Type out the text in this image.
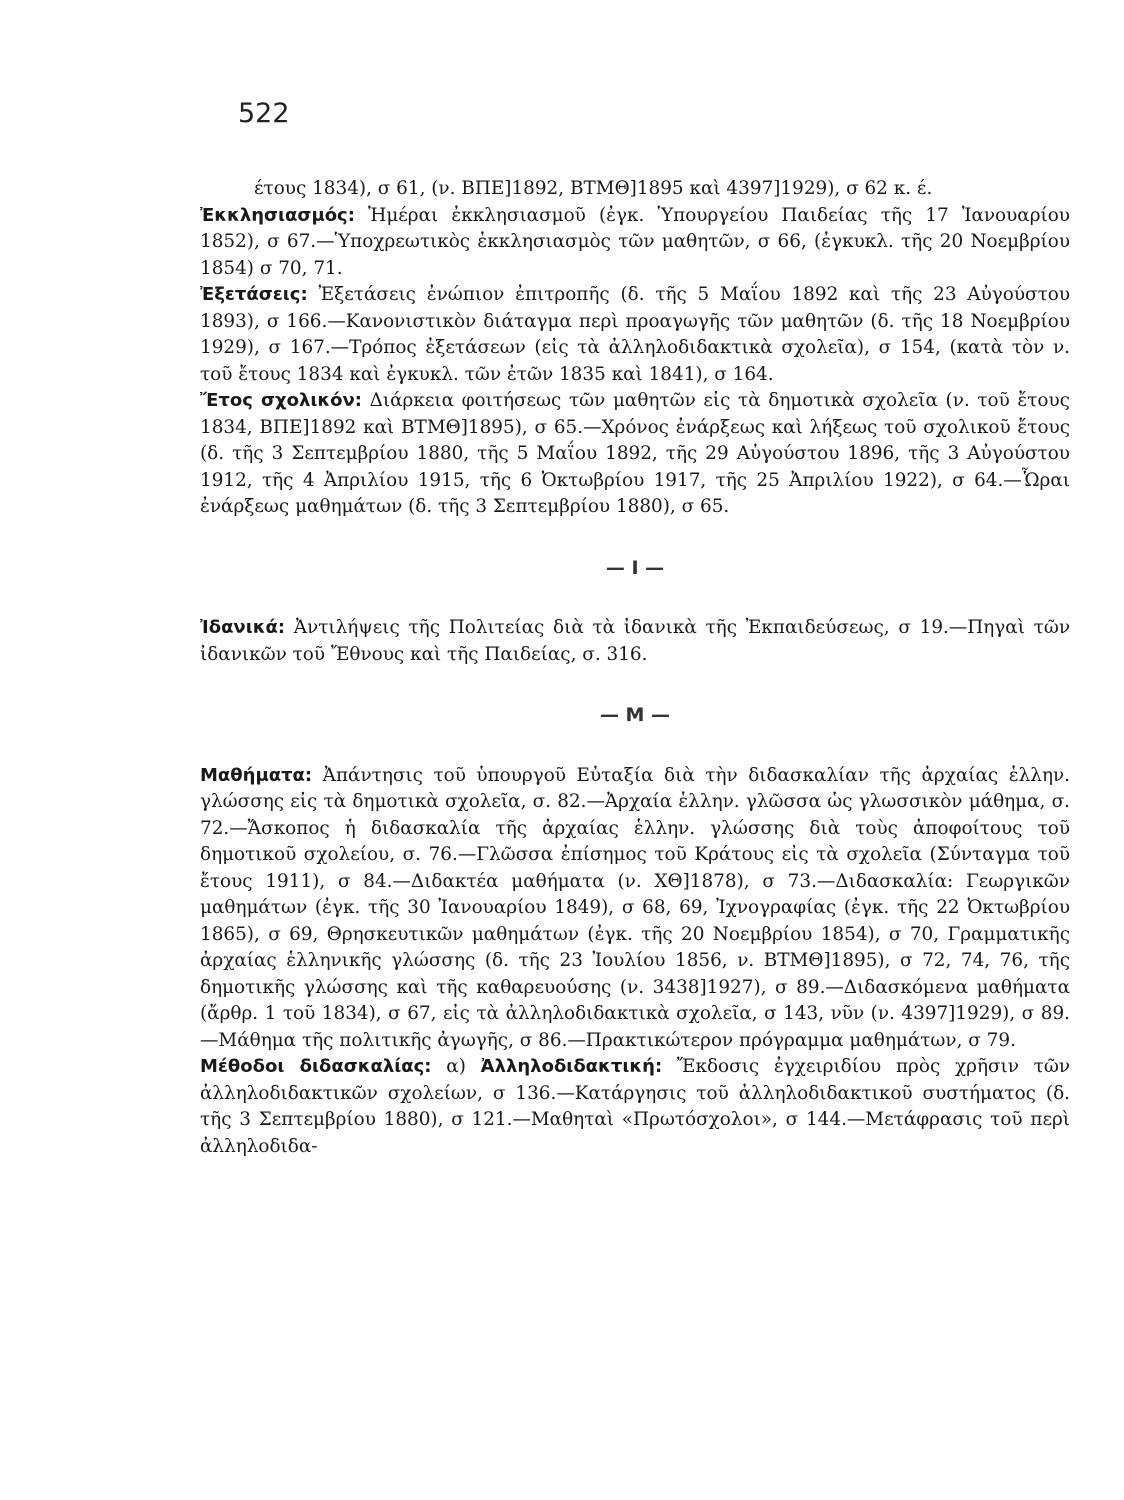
522

έτους 1834), σ 61, (ν. ΒΠΕ]1892, ΒΤΜΘ]1895 καὶ 4397]1929), σ 62 κ. έ.

Ἐκκλησιασμός: Ἡμέραι ἐκκλησιασμοῦ (ἐγκ. Ὑπουργείου Παιδείας τῆς 17 Ἰανουαρίου 1852), σ 67.—Ὑποχρεωτικὸς ἐκκλησιασμὸς τῶν μαθητῶν, σ 66, (ἐγκυκλ. τῆς 20 Νοεμβρίου 1854) σ 70, 71.

Ἐξετάσεις: Ἐξετάσεις ἐνώπιον ἐπιτροπῆς (δ. τῆς 5 Μαΐου 1892 καὶ τῆς 23 Αὐγούστου 1893), σ 166.—Κανονιστικὸν διάταγμα περὶ προαγωγῆς τῶν μαθητῶν (δ. τῆς 18 Νοεμβρίου 1929), σ 167.—Τρόπος ἐξετάσεων (εἰς τὰ ἀλληλοδιδακτικὰ σχολεῖα), σ 154, (κατὰ τὸν ν. τοῦ ἔτους 1834 καὶ ἐγκυκλ. τῶν ἐτῶν 1835 καὶ 1841), σ 164.

Ἔτος σχολικόν: Διάρκεια φοιτήσεως τῶν μαθητῶν εἰς τὰ δημοτικὰ σχολεῖα (ν. τοῦ ἔτους 1834, ΒΠΕ]1892 καὶ ΒΤΜΘ]1895), σ 65.—Χρόνος ἐνάρξεως καὶ λήξεως τοῦ σχολικοῦ ἔτους (δ. τῆς 3 Σεπτεμβρίου 1880, τῆς 5 Μαΐου 1892, τῆς 29 Αὐγούστου 1896, τῆς 3 Αὐγούστου 1912, τῆς 4 Ἀπριλίου 1915, τῆς 6 Ὀκτωβρίου 1917, τῆς 25 Ἀπριλίου 1922), σ 64.—Ὧραι ἐνάρξεως μαθημάτων (δ. τῆς 3 Σεπτεμβρίου 1880), σ 65.

— I —

Ἰδανικά: Ἀντιλήψεις τῆς Πολιτείας διὰ τὰ ἰδανικὰ τῆς Ἐκπαιδεύσεως, σ 19.—Πηγαὶ τῶν ἰδανικῶν τοῦ Ἔθνους καὶ τῆς Παιδείας, σ. 316.

— Μ —

Μαθήματα: Ἀπάντησις τοῦ ὑπουργοῦ Εὐταξία διὰ τὴν διδασκαλίαν τῆς ἀρχαίας ἑλλην. γλώσσης εἰς τὰ δημοτικὰ σχολεῖα, σ. 82.—Ἀρχαία ἑλλην. γλῶσσα ὡς γλωσσικὸν μάθημα, σ. 72.—Ἄσκοπος ἡ διδασκαλία τῆς ἀρχαίας ἑλλην. γλώσσης διὰ τοὺς ἀποφοίτους τοῦ δημοτικοῦ σχολείου, σ. 76.—Γλῶσσα ἐπίσημος τοῦ Κράτους εἰς τὰ σχολεῖα (Σύνταγμα τοῦ ἔτους 1911), σ 84.—Διδακτέα μαθήματα (ν. ΧΘ]1878), σ 73.—Διδασκαλία: Γεωργικῶν μαθημάτων (ἐγκ. τῆς 30 Ἰανουαρίου 1849), σ 68, 69, Ἰχνογραφίας (ἐγκ. τῆς 22 Ὀκτωβρίου 1865), σ 69, Θρησκευτικῶν μαθημάτων (ἐγκ. τῆς 20 Νοεμβρίου 1854), σ 70, Γραμματικῆς ἀρχαίας ἑλληνικῆς γλώσσης (δ. τῆς 23 Ἰουλίου 1856, ν. ΒΤΜΘ]1895), σ 72, 74, 76, τῆς δημοτικῆς γλώσσης καὶ τῆς καθαρευούσης (ν. 3438]1927), σ 89.—Διδασκόμενα μαθήματα (ἄρθρ. 1 τοῦ 1834), σ 67, εἰς τὰ ἀλληλοδιδακτικὰ σχολεῖα, σ 143, νῦν (ν. 4397]1929), σ 89.—Μάθημα τῆς πολιτικῆς ἀγωγῆς, σ 86.—Πρακτικώτερον πρόγραμμα μαθημάτων, σ 79.

Μέθοδοι διδασκαλίας: α) Ἀλληλοδιδακτική: Ἔκδοσις ἐγχειριδίου πρὸς χρῆσιν τῶν ἀλληλοδιδακτικῶν σχολείων, σ 136.—Κατάργησις τοῦ ἀλληλοδιδακτικοῦ συστήματος (δ. τῆς 3 Σεπτεμβρίου 1880), σ 121.—Μαθηταὶ «Πρωτόσχολοι», σ 144.—Μετάφρασις τοῦ περὶ ἀλληλοδιδα-
